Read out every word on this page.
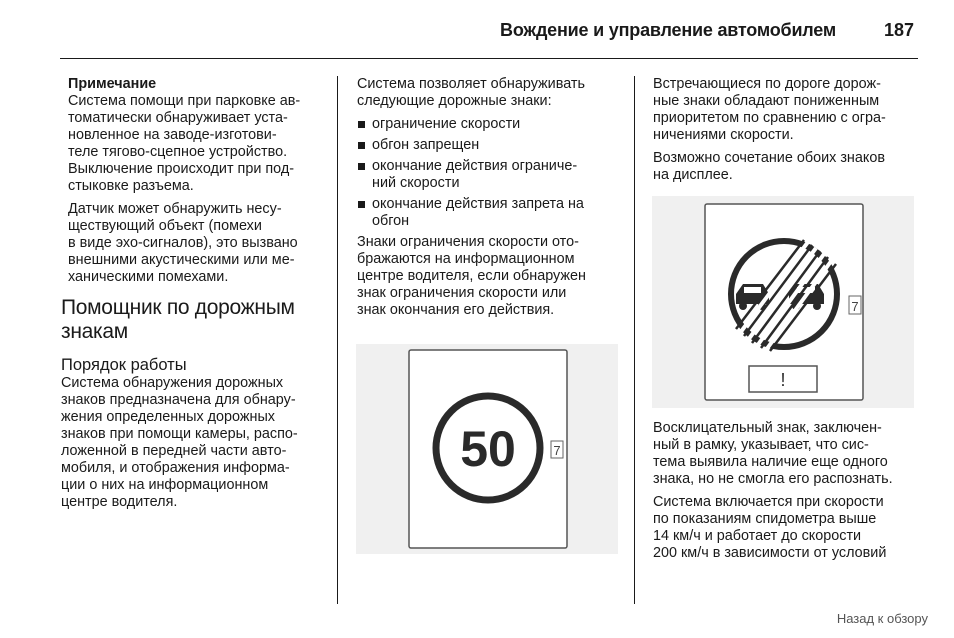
Вождение и управление автомобилем	187
Примечание

Система помощи при парковке ав-
томатически обнаруживает уста-
новленное на заводе-изготови-
теле тягово-сцепное устройство.
Выключение происходит при под-
стыковке разъема.

Датчик может обнаружить несу-
ществующий объект (помехи
в виде эхо-сигналов), это вызвано
внешними акустическими или ме-
ханическими помехами.

Помощник по дорожным
знакам
Порядок работы

Система обнаружения дорожных
знаков предназначена для обнару-
жения определенных дорожных
знаков при помощи камеры, распо-
ложенной в передней части авто-
мобиля, и отображения информа-
ции о них на информационном
центре водителя.

Система позволяет обнаруживать
следующие дорожные знаки:

ограничение скорости
обгон запрещен
окончание действия ограниче-
ний скорости
окончание действия запрета на
обгон

Знаки ограничения скорости ото-
бражаются на информационном
центре водителя, если обнаружен
знак ограничения скорости или
знак окончания его действия.

50	7

Встречающиеся по дороге дорож-
ные знаки обладают пониженным
приоритетом по сравнению с огра-
ничениями скорости.

Возможно сочетание обоих знаков
на дисплее.

7
!

Восклицательный знак, заключен-
ный в рамку, указывает, что сис-
тема выявила наличие еще одного
знака, но не смогла его распознать.

Система включается при скорости
по показаниям спидометра выше
14 км/ч и работает до скорости
200 км/ч в зависимости от условий

Назад к обзору
